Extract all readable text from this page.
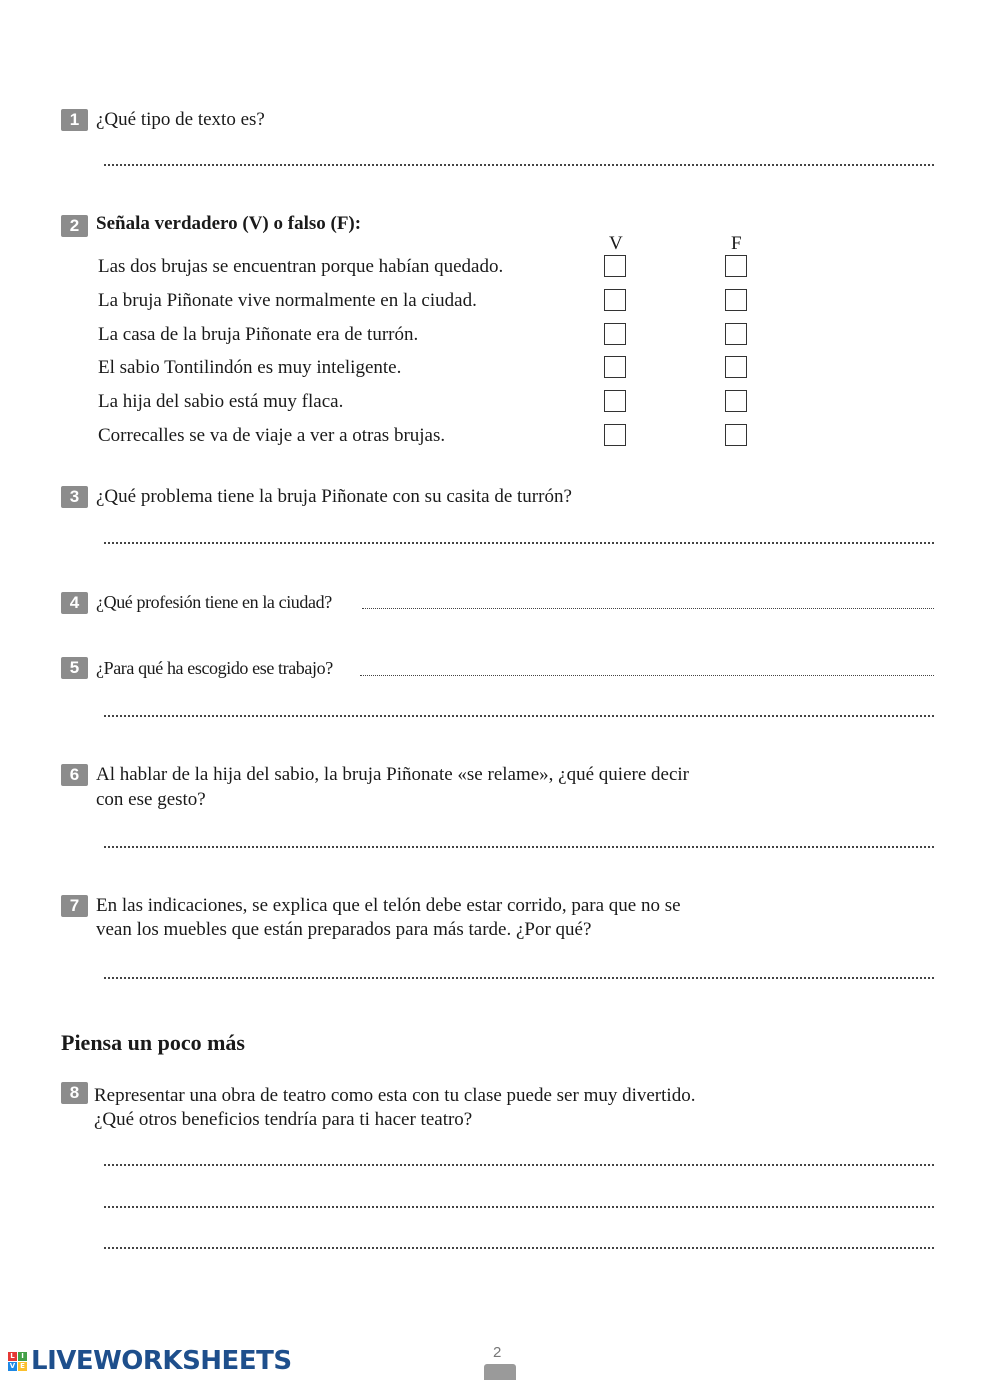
1 ¿Qué tipo de texto es?
2 Señala verdadero (V) o falso (F):
V	F
Las dos brujas se encuentran porque habían quedado.
La bruja Piñonate vive normalmente en la ciudad.
La casa de la bruja Piñonate era de turrón.
El sabio Tontilindón es muy inteligente.
La hija del sabio está muy flaca.
Correcalles se va de viaje a ver a otras brujas.
3 ¿Qué problema tiene la bruja Piñonate con su casita de turrón?
4 ¿Qué profesión tiene en la ciudad?
5 ¿Para qué ha escogido ese trabajo?
6 Al hablar de la hija del sabio, la bruja Piñonate «se relame», ¿qué quiere decir
con ese gesto?
7 En las indicaciones, se explica que el telón debe estar corrido, para que no se
vean los muebles que están preparados para más tarde. ¿Por qué?
Piensa un poco más
8 Representar una obra de teatro como esta con tu clase puede ser muy divertido.
¿Qué otros beneficios tendría para ti hacer teatro?
L I
V E LIVEWORKSHEETS	2
